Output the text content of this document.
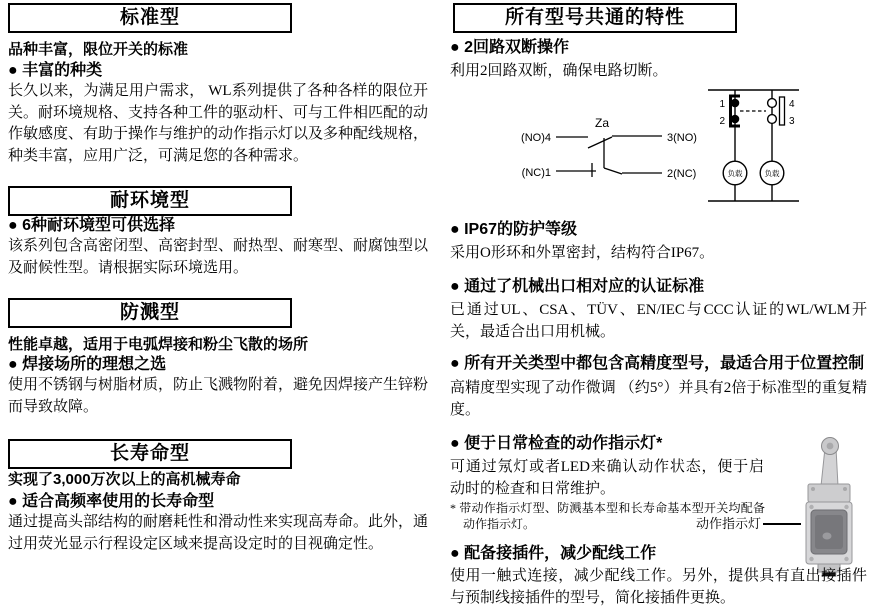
标准型

品种丰富，限位开关的标准

● 丰富的种类

长久以来，为满足用户需求， WL系列提供了各种各样的限位开关。耐环境规格、支持各种工件的驱动杆、可与工件相匹配的动作敏感度、有助于操作与维护的动作指示灯以及多种配线规格，种类丰富，应用广泛，可满足您的各种需求。

耐环境型
● 6种耐环境型可供选择

该系列包含高密闭型、高密封型、耐热型、耐寒型、耐腐蚀型以及耐候性型。请根据实际环境选用。

防溅型

性能卓越，适用于电弧焊接和粉尘飞散的场所

● 焊接场所的理想之选

使用不锈钢与树脂材质，防止飞溅物附着，避免因焊接产生锌粉而导致故障。

长寿命型

实现了3,000万次以上的高机械寿命

● 适合高频率使用的长寿命型

通过提高头部结构的耐磨耗性和滑动性来实现高寿命。此外，通过用荧光显示行程设定区域来提高设定时的目视确定性。

所有型号共通的特性
● 2回路双断操作

利用2回路双断，确保电路切断。

Za
(NO)4
(NC)1
3(NO)
2(NC)
1
2
4
3
负载	负载
● IP67的防护等级

采用O形环和外罩密封，结构符合IP67。

● 通过了机械出口相对应的认证标准

已通过UL、CSA、TÜV、EN/IEC与CCC认证的WL/WLM开关，最适合出口用机械。

● 所有开关类型中都包含高精度型号，最适合用于位置控制

高精度型实现了动作微调 （约5°）并具有2倍于标准型的重复精度。

● 便于日常检查的动作指示灯*

可通过氖灯或者LED来确认动作状态，便于启动时的检查和日常维护。

* 带动作指示灯型、防溅基本型和长寿命基本型开关均配备动作指示灯。	动作指示灯
● 配备接插件，减少配线工作

使用一触式连接，减少配线工作。另外，提供具有直出接插件与预制线接插件的型号，简化接插件更换。
